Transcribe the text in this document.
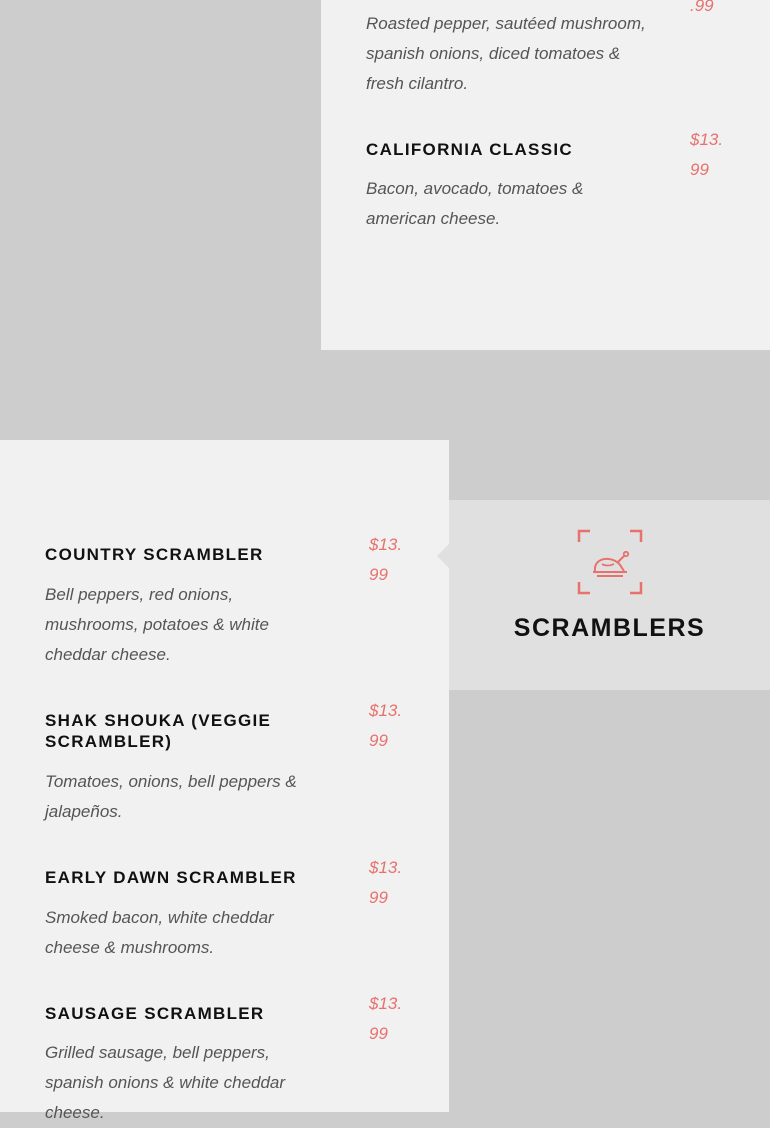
.99
Roasted pepper, sautéed mushroom, spanish onions, diced tomatoes & fresh cilantro.
CALIFORNIA CLASSIC
$13.99
Bacon, avocado, tomatoes & american cheese.
COUNTRY SCRAMBLER
$13.99
Bell peppers, red onions, mushrooms, potatoes & white cheddar cheese.
SHAK SHOUKA (VEGGIE SCRAMBLER)
$13.99
Tomatoes, onions, bell peppers & jalapeños.
EARLY DAWN SCRAMBLER
$13.99
Smoked bacon, white cheddar cheese & mushrooms.
SAUSAGE SCRAMBLER
$13.99
Grilled sausage, bell peppers, spanish onions & white cheddar cheese.
SCRAMBLERS
